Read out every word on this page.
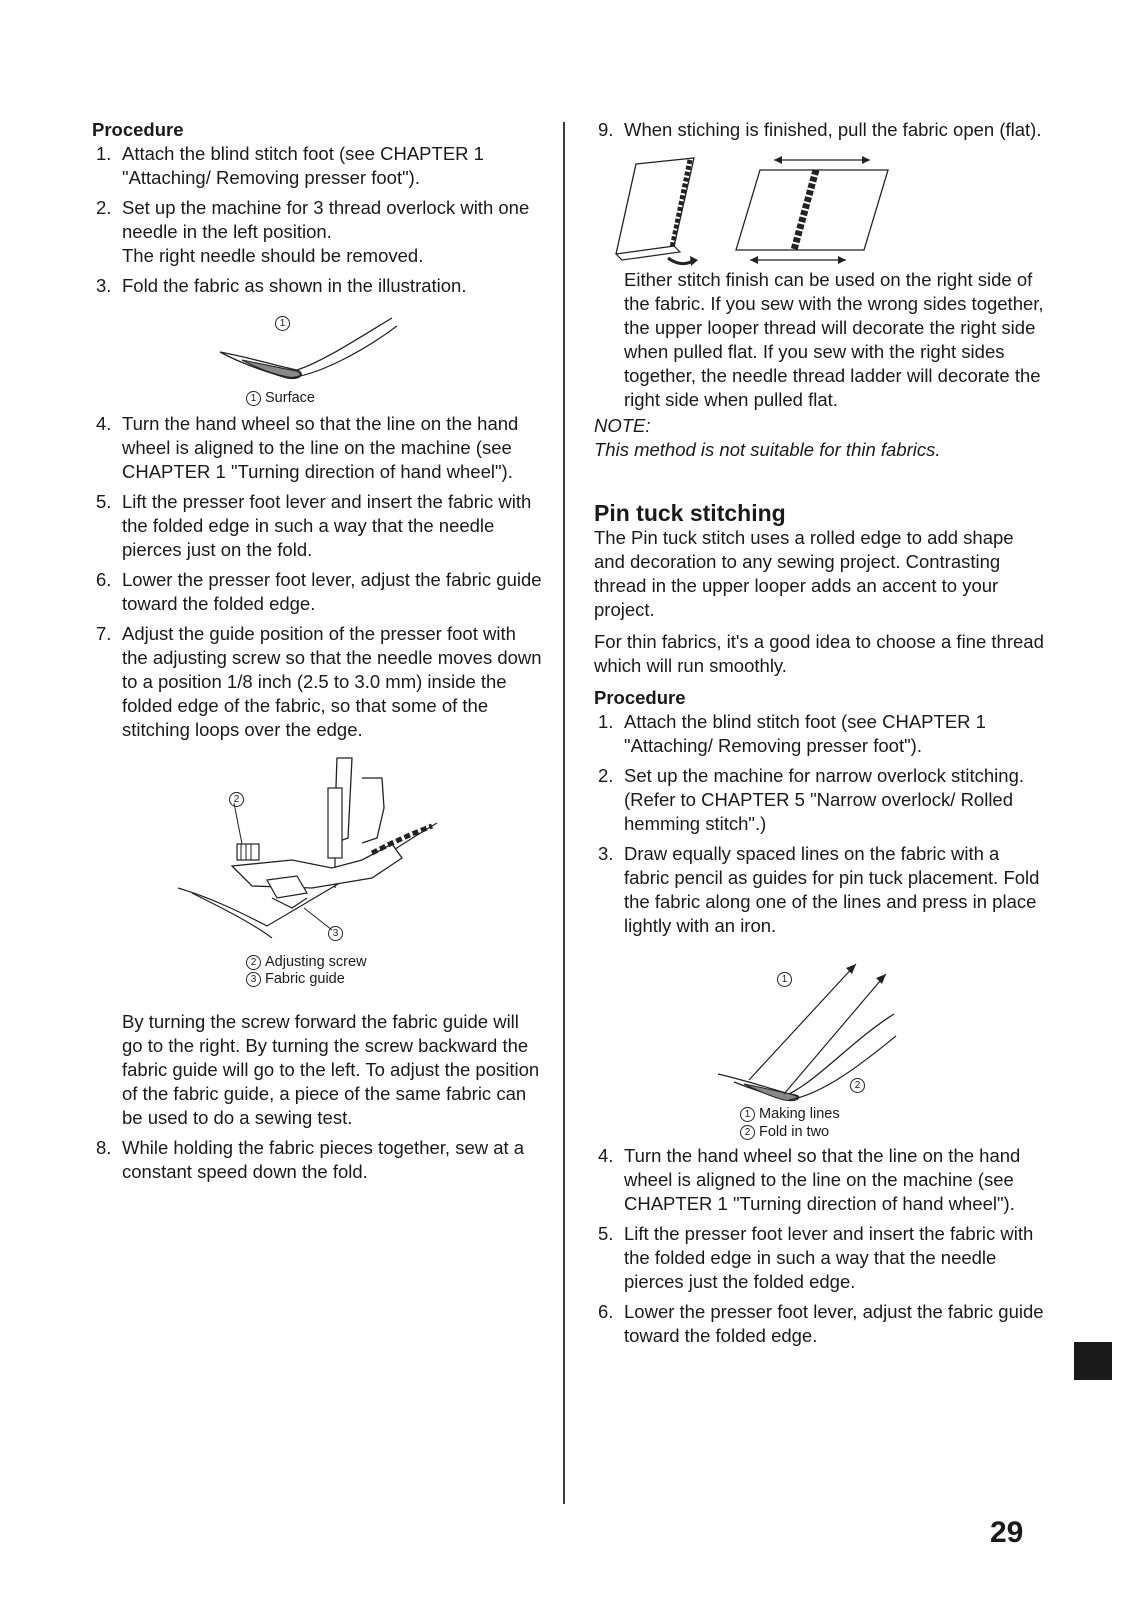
Procedure

1. Attach the blind stitch foot (see CHAPTER 1 "Attaching/ Removing presser foot").

2. Set up the machine for 3 thread overlock with one needle in the left position.

The right needle should be removed.

3. Fold the fabric as shown in the illustration.

1

1 Surface

4. Turn the hand wheel so that the line on the hand wheel is aligned to the line on the machine (see CHAPTER 1 "Turning direction of hand wheel").

5. Lift the presser foot lever and insert the fabric with the folded edge in such a way that the needle pierces just on the fold.

6. Lower the presser foot lever, adjust the fabric guide toward the folded edge.

7. Adjust the guide position of the presser foot with the adjusting screw so that the needle moves down to a position 1/8 inch (2.5 to 3.0 mm) inside the folded edge of the fabric, so that some of the stitching loops over the edge.

2
3

2 Adjusting screw

3 Fabric guide

By turning the screw forward the fabric guide will go to the right. By turning the screw backward the fabric guide will go to the left. To adjust the position of the fabric guide, a piece of the same fabric can be used to do a sewing test.

8. While holding the fabric pieces together, sew at a constant speed down the fold.

9. When stiching is finished, pull the fabric open (flat).

Either stitch finish can be used on the right side of the fabric. If you sew with the wrong sides together, the upper looper thread will decorate the right side when pulled flat. If you sew with the right sides together, the needle thread ladder will decorate the right side when pulled flat.

NOTE:

This method is not suitable for thin fabrics.

Pin tuck stitching

The Pin tuck stitch uses a rolled edge to add shape and decoration to any sewing project. Contrasting thread in the upper looper adds an accent to your project.

For thin fabrics, it's a good idea to choose a fine thread which will run smoothly.

Procedure

1. Attach the blind stitch foot (see CHAPTER 1 "Attaching/ Removing presser foot").

2. Set up the machine for narrow overlock stitching. (Refer to CHAPTER 5 "Narrow overlock/ Rolled hemming stitch".)

3. Draw equally spaced lines on the fabric with a fabric pencil as guides for pin tuck placement. Fold the fabric along one of the lines and press in place lightly with an iron.

1
2

1 Making lines

2 Fold in two

4. Turn the hand wheel so that the line on the hand wheel is aligned to the line on the machine (see CHAPTER 1 "Turning direction of hand wheel").

5. Lift the presser foot lever and insert the fabric with the folded edge in such a way that the needle pierces just the folded edge.

6. Lower the presser foot lever, adjust the fabric guide toward the folded edge.

29
